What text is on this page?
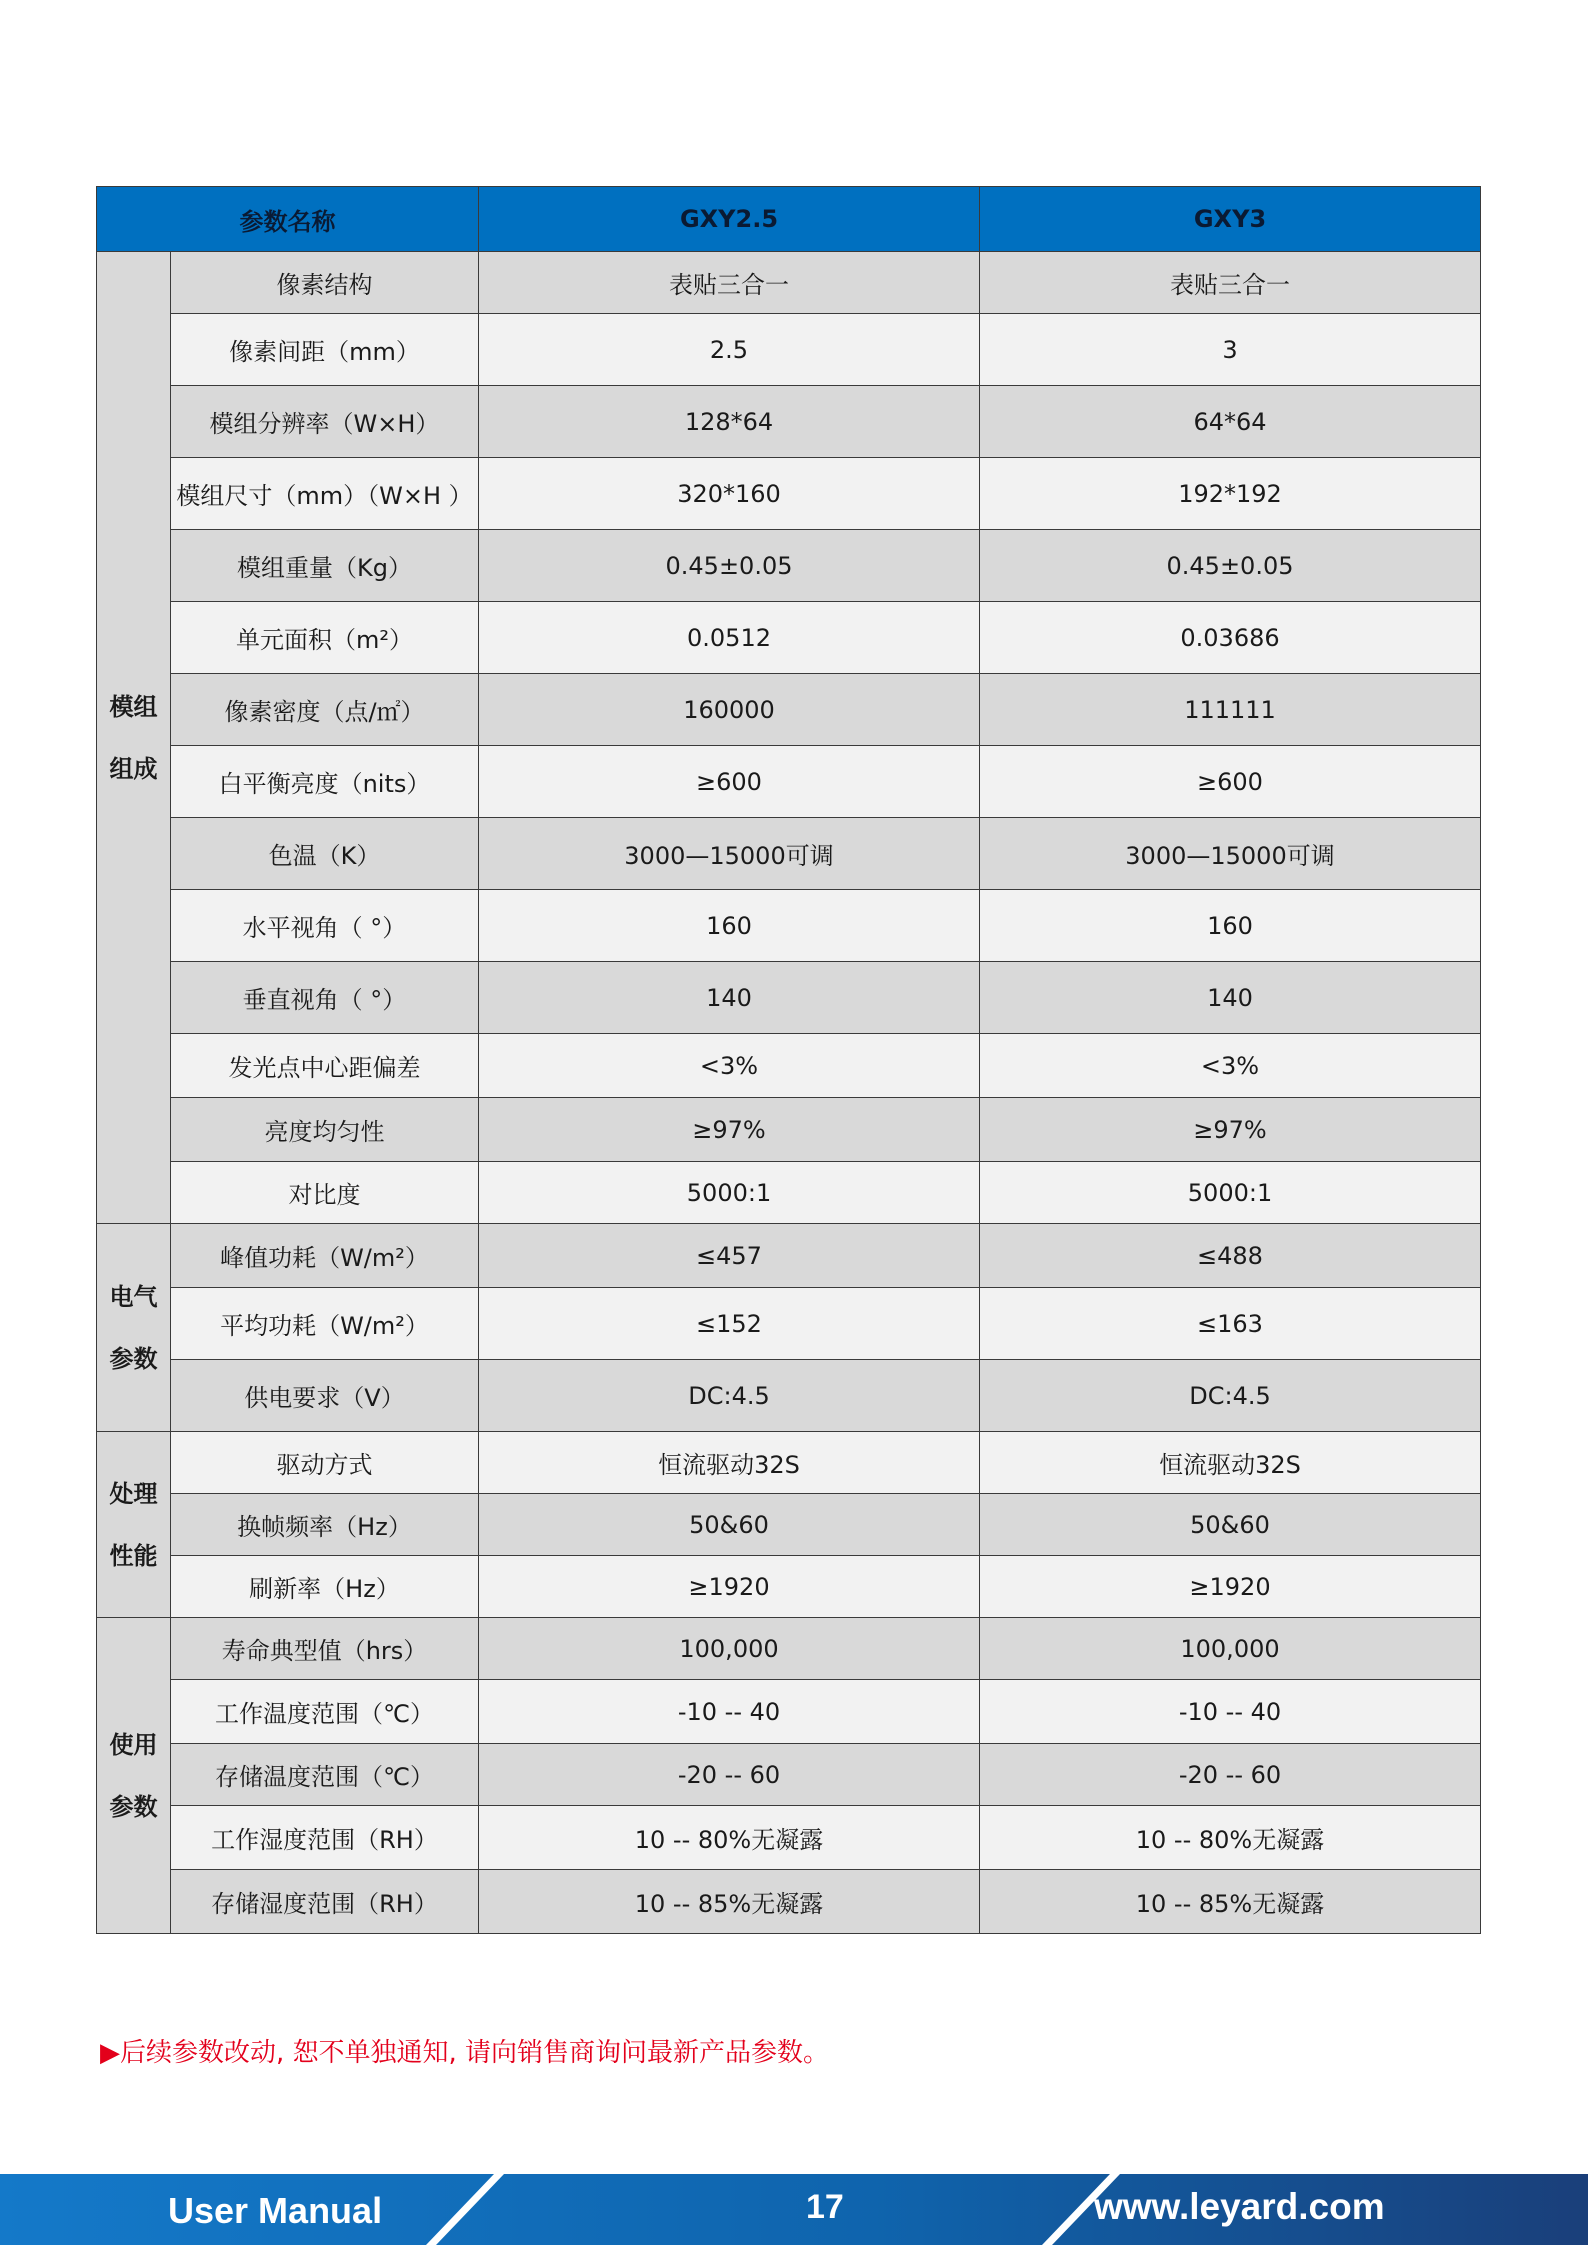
参数名称		GXY2.5	GXY3

模组
组成	像素结构	表贴三合一	表贴三合一
	像素间距（mm）	2.5	3
	模组分辨率（W×H）	128*64	64*64
	模组尺寸（mm）（W×H ）	320*160	192*192
	模组重量（Kg）	0.45±0.05	0.45±0.05
	单元面积（m²）	0.0512	0.03686
	像素密度（点/㎡）	160000	111111
	白平衡亮度（nits）	≥600	≥600
	色温（K）	3000—15000可调	3000—15000可调
	水平视角（ °）	160	160
	垂直视角（ °）	140	140
	发光点中心距偏差	<3%	<3%
	亮度均匀性	≥97%	≥97%
	对比度	5000:1	5000:1

电气
参数	峰值功耗（W/m²）	≤457	≤488
	平均功耗（W/m²）	≤152	≤163
	供电要求（V）	DC:4.5	DC:4.5

处理
性能	驱动方式	恒流驱动32S	恒流驱动32S
	换帧频率（Hz）	50&60	50&60
	刷新率（Hz）	≥1920	≥1920

使用
参数	寿命典型值（hrs）	100,000	100,000
	工作温度范围（℃）	-10 -- 40	-10 -- 40
	存储温度范围（℃）	-20 -- 60	-20 -- 60
	工作湿度范围（RH）	10 -- 80%无凝露	10 -- 80%无凝露
	存储湿度范围（RH）	10 -- 85%无凝露	10 -- 85%无凝露
▶后续参数改动, 恕不单独通知, 请向销售商询问最新产品参数。
User Manual	17	www.leyard.com
